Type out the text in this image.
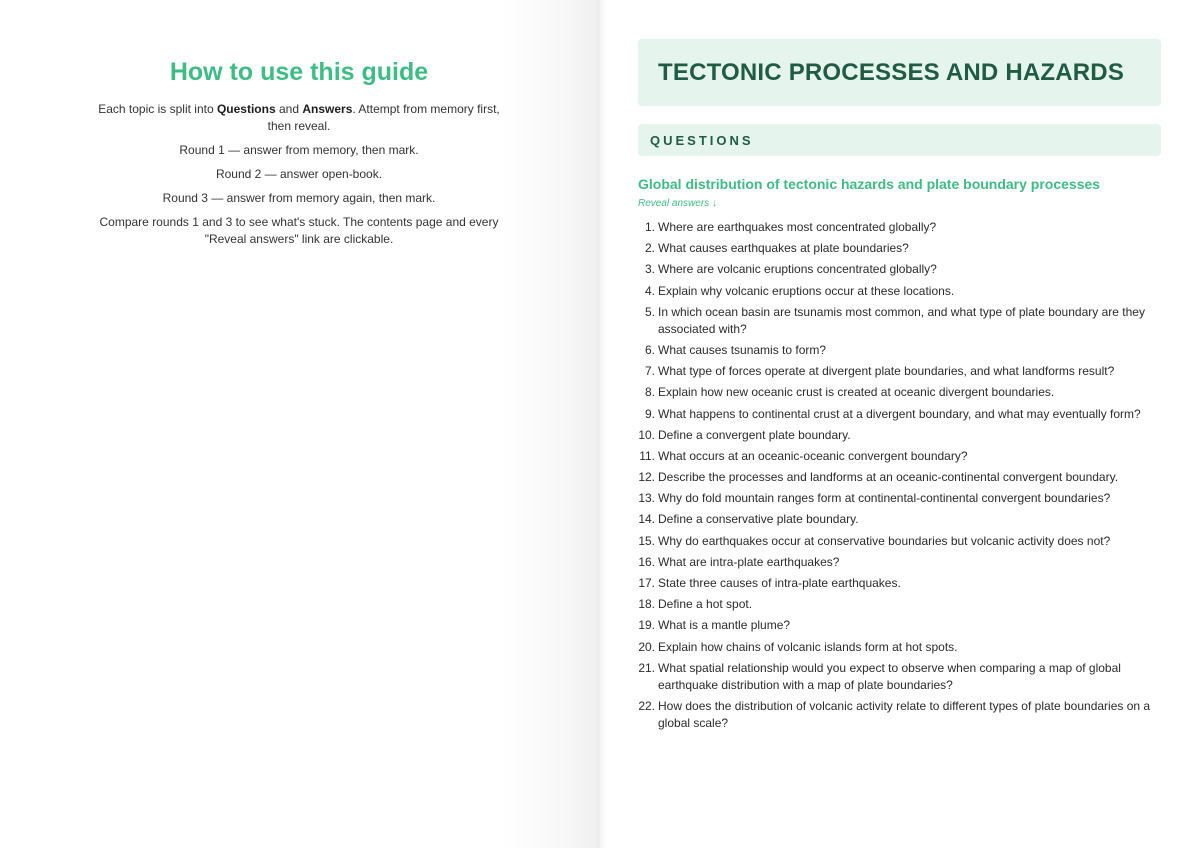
How to use this guide

Each topic is split into Questions and Answers. Attempt from memory first, then reveal.

Round 1 — answer from memory, then mark.

Round 2 — answer open-book.

Round 3 — answer from memory again, then mark.

Compare rounds 1 and 3 to see what's stuck. The contents page and every "Reveal answers" link are clickable.

TECTONIC PROCESSES AND HAZARDS
QUESTIONS
Global distribution of tectonic hazards and plate boundary processes
Reveal answers ↓
1. Where are earthquakes most concentrated globally?
2. What causes earthquakes at plate boundaries?
3. Where are volcanic eruptions concentrated globally?
4. Explain why volcanic eruptions occur at these locations.
5. In which ocean basin are tsunamis most common, and what type of plate boundary are they associated with?
6. What causes tsunamis to form?
7. What type of forces operate at divergent plate boundaries, and what landforms result?
8. Explain how new oceanic crust is created at oceanic divergent boundaries.
9. What happens to continental crust at a divergent boundary, and what may eventually form?
10. Define a convergent plate boundary.
11. What occurs at an oceanic-oceanic convergent boundary?
12. Describe the processes and landforms at an oceanic-continental convergent boundary.
13. Why do fold mountain ranges form at continental-continental convergent boundaries?
14. Define a conservative plate boundary.
15. Why do earthquakes occur at conservative boundaries but volcanic activity does not?
16. What are intra-plate earthquakes?
17. State three causes of intra-plate earthquakes.
18. Define a hot spot.
19. What is a mantle plume?
20. Explain how chains of volcanic islands form at hot spots.
21. What spatial relationship would you expect to observe when comparing a map of global earthquake distribution with a map of plate boundaries?
22. How does the distribution of volcanic activity relate to different types of plate boundaries on a global scale?
